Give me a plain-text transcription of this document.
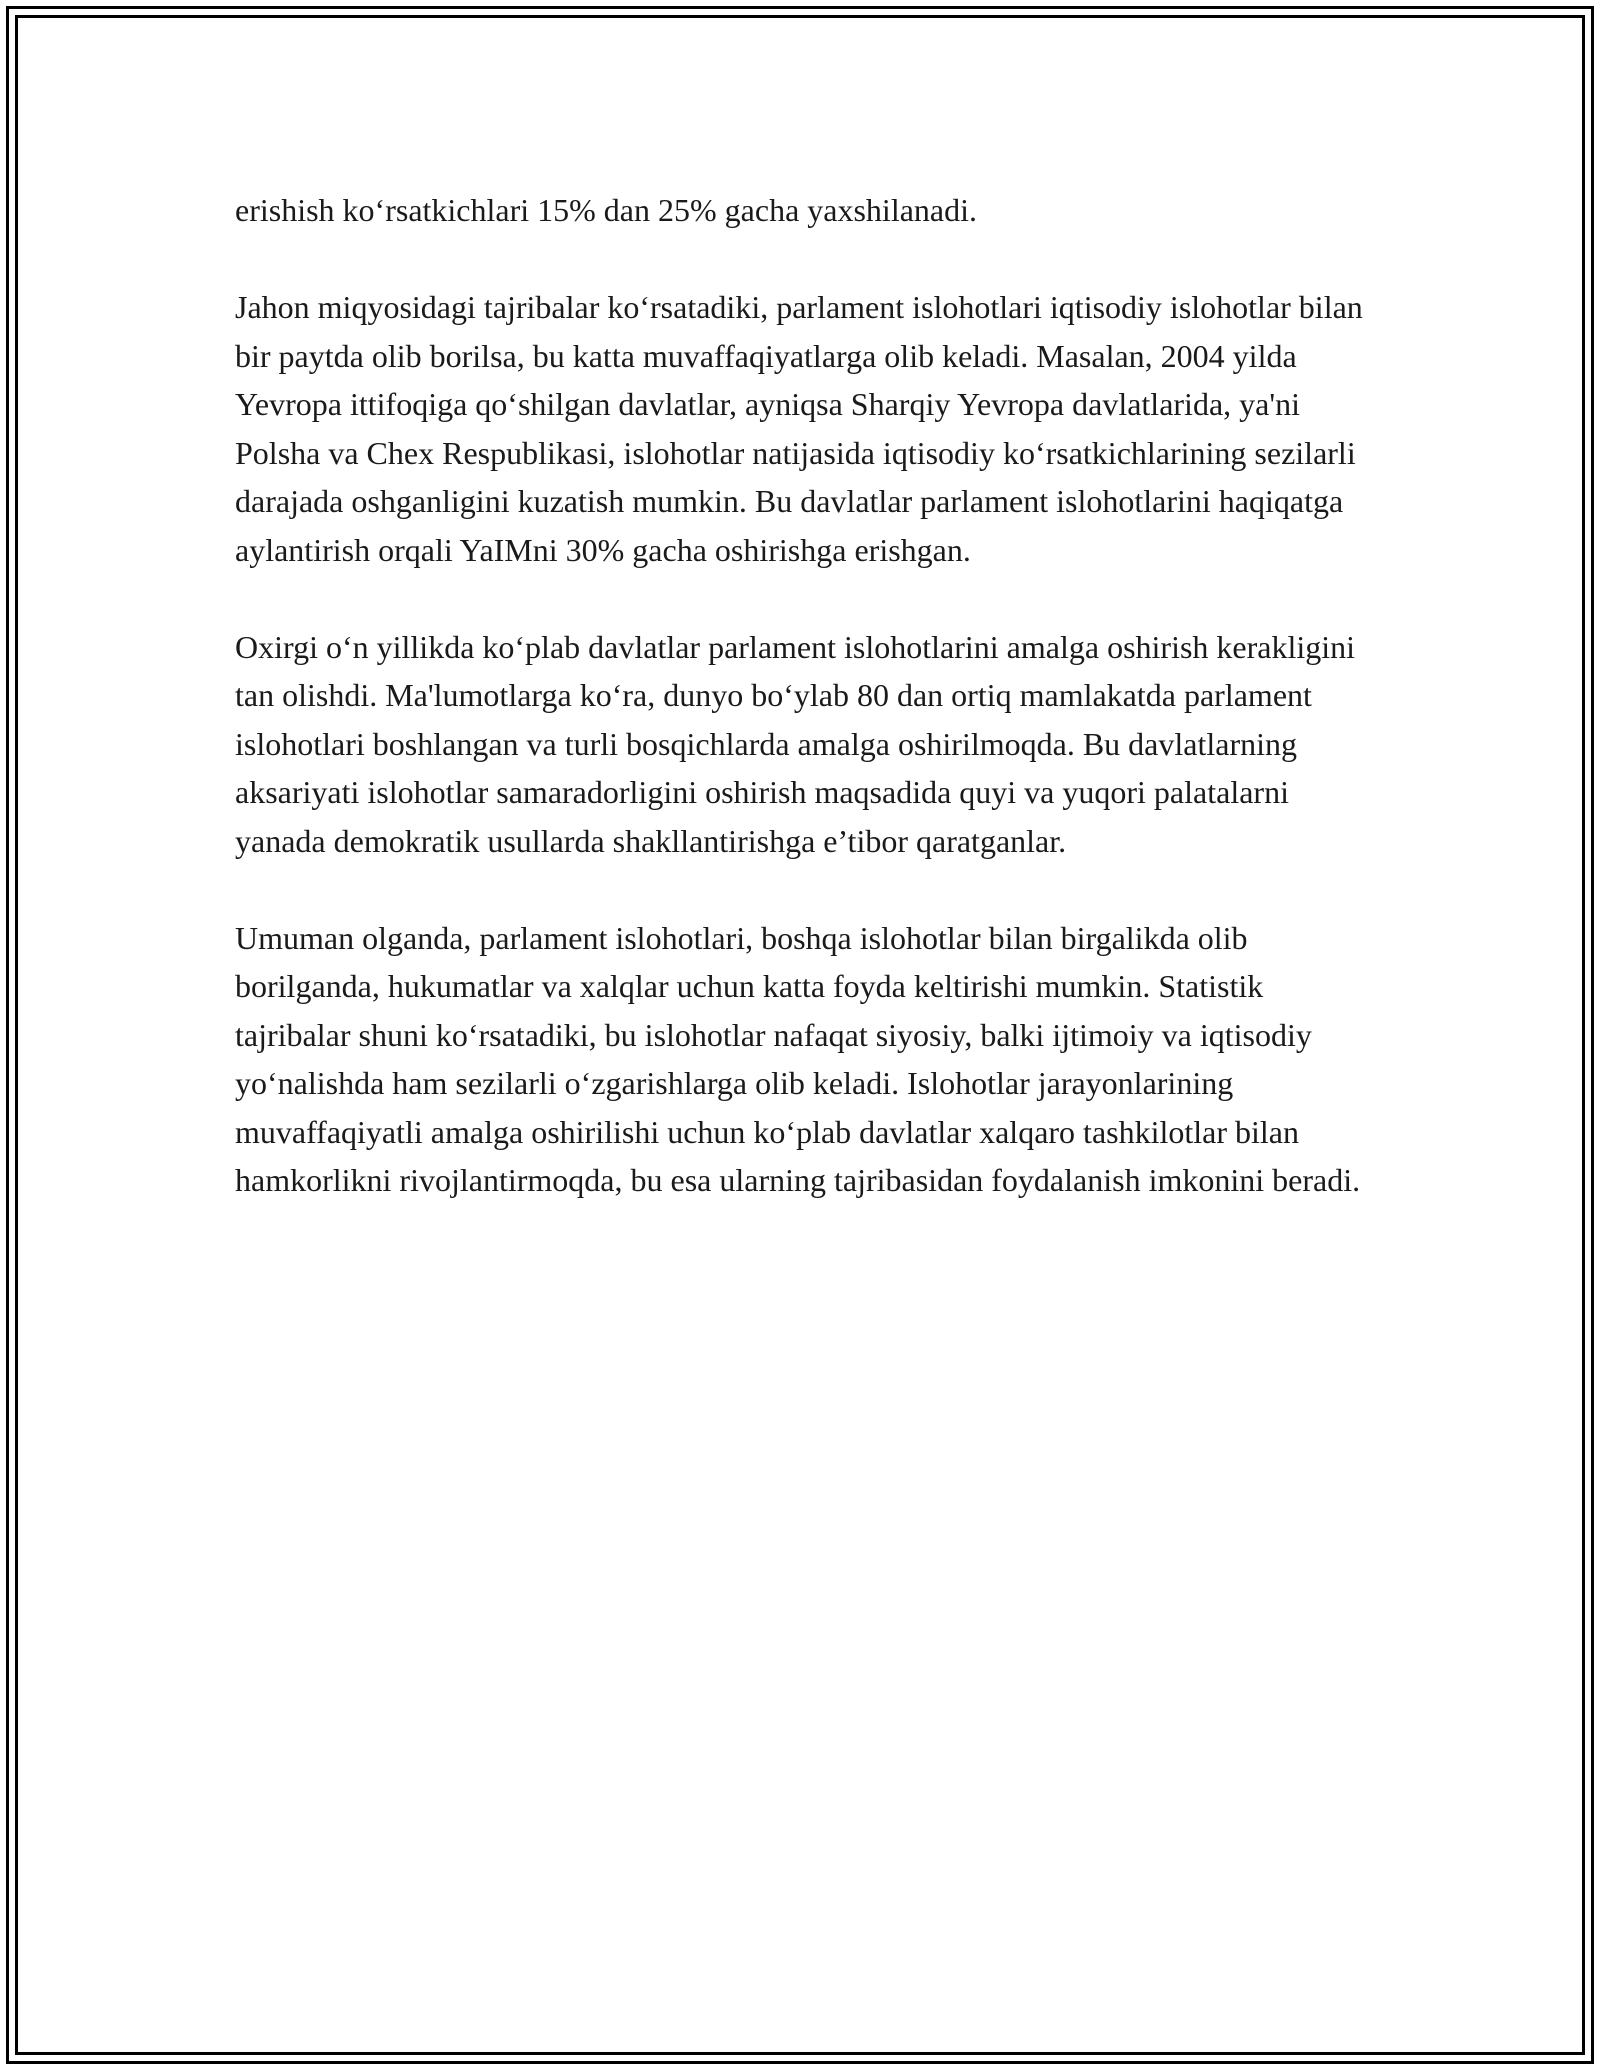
erishish ko‘rsatkichlari 15% dan 25% gacha yaxshilanadi.

Jahon miqyosidagi tajribalar ko‘rsatadiki, parlament islohotlari iqtisodiy islohotlar bilan bir paytda olib borilsa, bu katta muvaffaqiyatlarga olib keladi. Masalan, 2004 yilda Yevropa ittifoqiga qo‘shilgan davlatlar, ayniqsa Sharqiy Yevropa davlatlarida, ya'ni Polsha va Chex Respublikasi, islohotlar natijasida iqtisodiy ko‘rsatkichlarining sezilarli darajada oshganligini kuzatish mumkin. Bu davlatlar parlament islohotlarini haqiqatga aylantirish orqali YaIMni 30% gacha oshirishga erishgan.

Oxirgi o‘n yillikda ko‘plab davlatlar parlament islohotlarini amalga oshirish kerakligini tan olishdi. Ma'lumotlarga ko‘ra, dunyo bo‘ylab 80 dan ortiq mamlakatda parlament islohotlari boshlangan va turli bosqichlarda amalga oshirilmoqda. Bu davlatlarning aksariyati islohotlar samaradorligini oshirish maqsadida quyi va yuqori palatalarni yanada demokratik usullarda shakllantirishga e’tibor qaratganlar.

Umuman olganda, parlament islohotlari, boshqa islohotlar bilan birgalikda olib borilganda, hukumatlar va xalqlar uchun katta foyda keltirishi mumkin. Statistik tajribalar shuni ko‘rsatadiki, bu islohotlar nafaqat siyosiy, balki ijtimoiy va iqtisodiy yo‘nalishda ham sezilarli o‘zgarishlarga olib keladi. Islohotlar jarayonlarining muvaffaqiyatli amalga oshirilishi uchun ko‘plab davlatlar xalqaro tashkilotlar bilan hamkorlikni rivojlantirmoqda, bu esa ularning tajribasidan foydalanish imkonini beradi.
